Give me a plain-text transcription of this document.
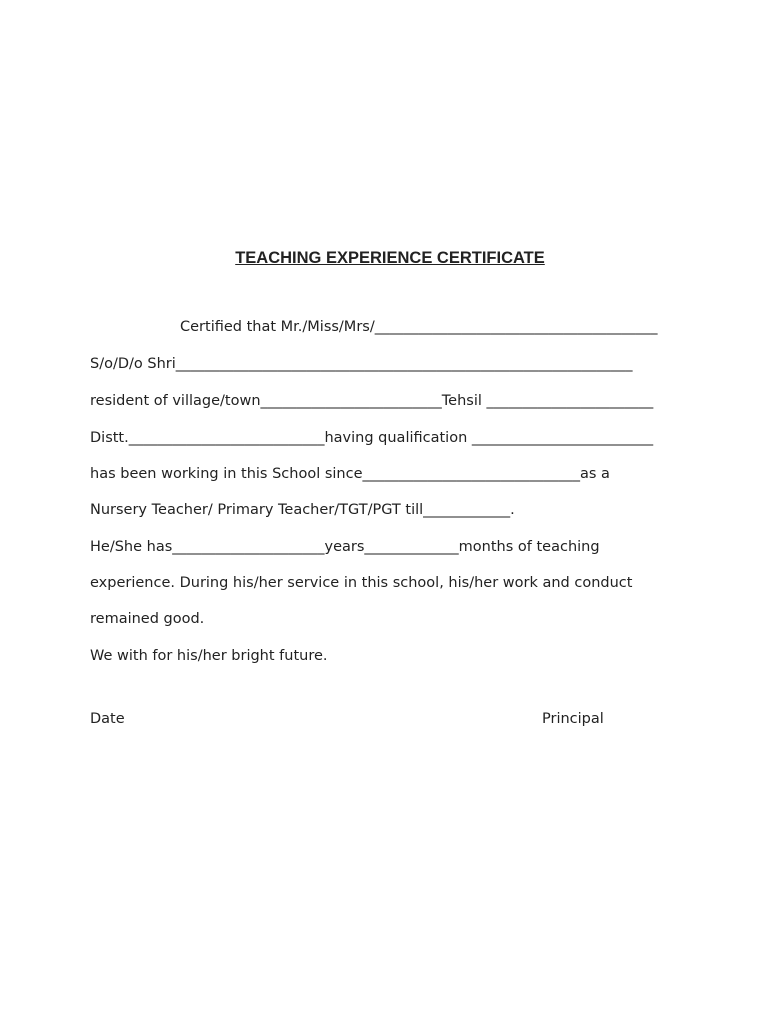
TEACHING EXPERIENCE CERTIFICATE
Certified that Mr./Miss/Mrs/_______________________________________
S/o/D/o Shri_______________________________________________________________
resident of village/town_________________________Tehsil _______________________
Distt.___________________________having qualification _________________________
has been working in this School since______________________________as a
Nursery Teacher/ Primary Teacher/TGT/PGT till____________.
He/She has_____________________years_____________months of teaching
experience. During his/her service in this school, his/her work and conduct
remained good.
We with for his/her bright future.
Date	Principal
